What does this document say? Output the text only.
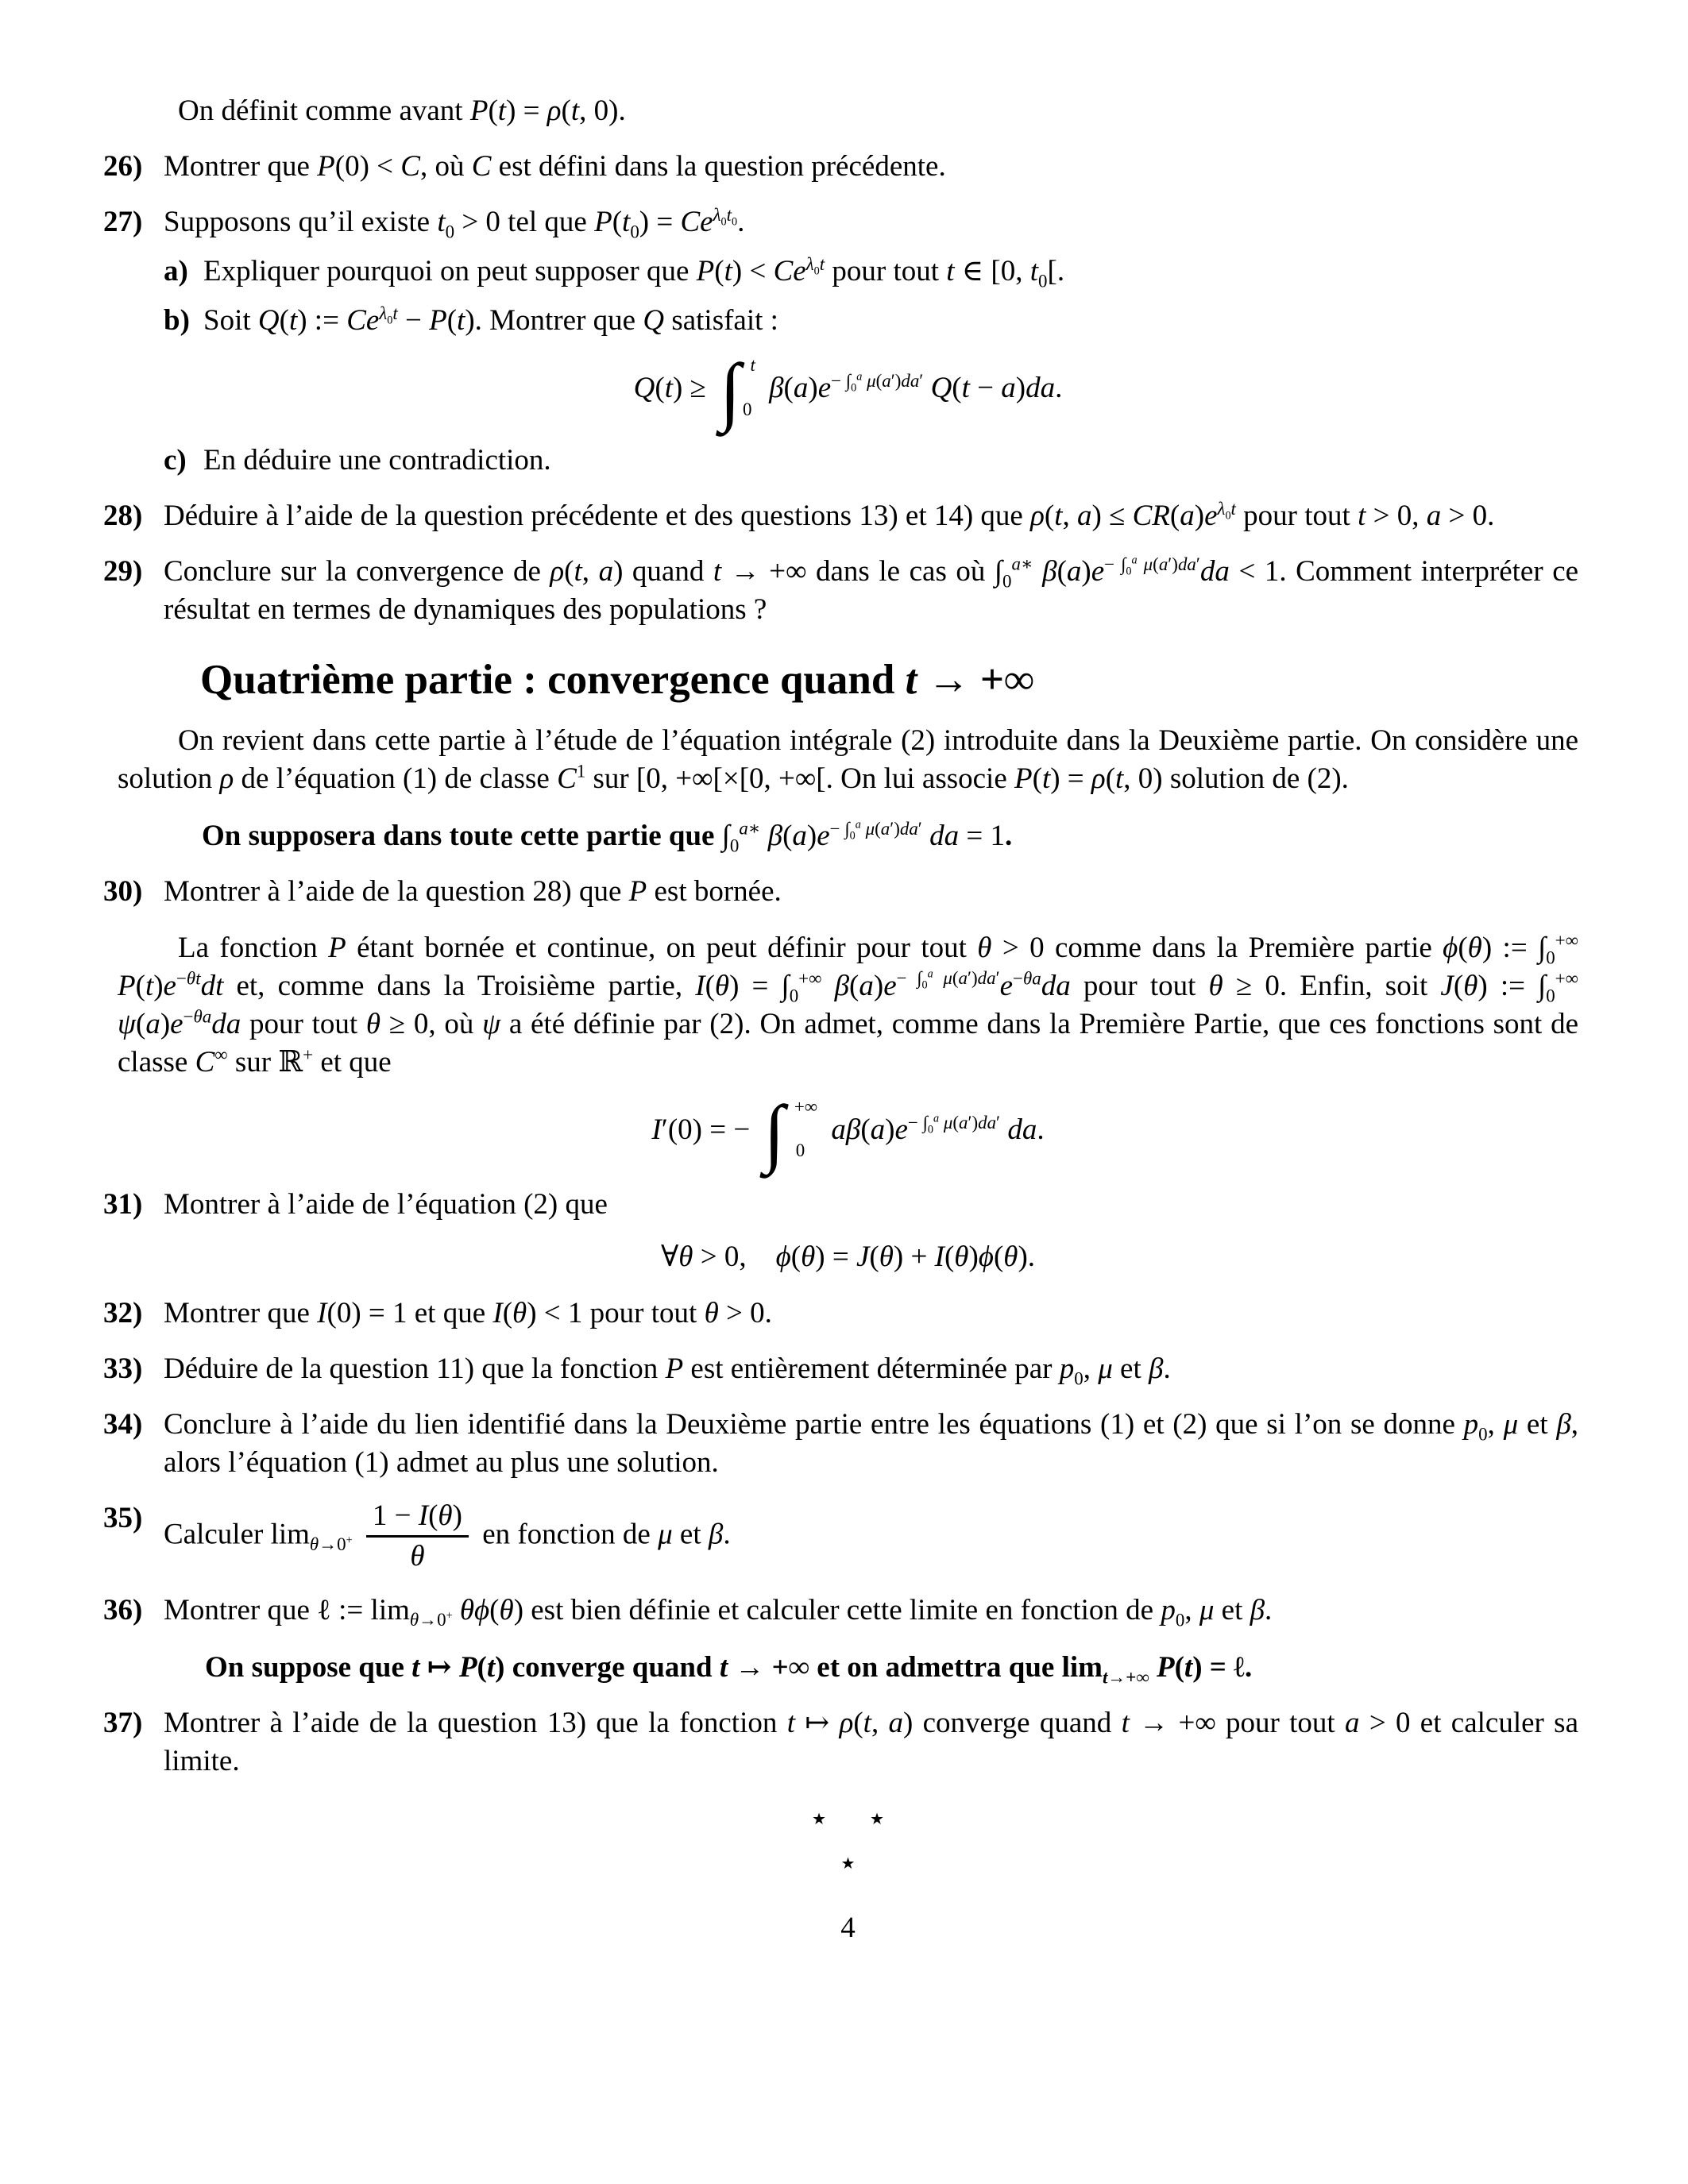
On définit comme avant P(t) = ρ(t, 0).

26) Montrer que P(0) < C, où C est défini dans la question précédente.
27) Supposons qu’il existe $t_0 > 0$ tel que $P(t_0) = Ce^{\lambda_0t_0}$.
a) Expliquer pourquoi on peut supposer que $P(t) < Ce^{\lambda_0t}$ pour tout t ∈ [0, $t_0$[.
b) Soit Q(t) := $Ce^{\lambda_0t} - P(t)$. Montrer que Q satisfait :
Q(t) ≥ ∫ t
0
$\beta(a)e^{- \int_0^a \mu(a')da'}$ Q(t − a)da.
c) En déduire une contradiction.
28) Déduire à l’aide de la question précédente et des questions 13) et 14) que ρ(t, $a) \le CR(a)e^{\lambda_0t}$ pour tout t > 0, a > 0.
29) Conclure sur la convergence de ρ(t, a) quand t → +∞ dans le cas où $\int_0^{a∗}$ $\beta(a)e^{- \int_0^a \mu(a')da'}da < 1$. Comment interpréter ce résultat en termes de dynamiques des populations ?
Quatrième partie : convergence quand t → +∞

On revient dans cette partie à l’étude de l’équation intégrale (2) introduite dans la Deuxième partie. On considère une solution ρ de l’équation (1) de classe $C^1$ sur [0, +∞[×[0, +∞[. On lui associe P(t) = ρ(t, 0) solution de (2).

On supposera dans toute cette partie que $\int_0^{a∗}$ $\beta(a)e^{- \int_0^a \mu(a')da'}$ da = 1.

30) Montrer à l’aide de la question 28) que P est bornée.

La fonction P étant bornée et continue, on peut définir pour tout θ > 0 comme dans la Première partie ϕ(θ) := $\int_0^{+\infty}$ $P(t)e^{-\theta t}dt$ et, comme dans la Troisième partie, $I(\theta) = \int_0^{+\infty}$ $\beta(a)e^{- \int_0^a \mu(a')da'}e^{-\theta a}da$ pour tout θ ≥ 0. Enfin, soit J(θ) := $\int_0^{+\infty}$ $\psi(a)e^{-\theta a}da$ pour tout θ ≥ 0, où ψ a été définie par (2). On admet, comme dans la Première Partie, que ces fonctions sont de classe C∞ sur ℝ+ et que

I′(0) = − ∫ +∞
0
$a\beta(a)e^{- \int_0^a \mu(a')da'}$ da.
31) Montrer à l’aide de l’équation (2) que
∀θ > 0, ϕ(θ) = J(θ) + I(θ)ϕ(θ).
32) Montrer que I(0) = 1 et que I(θ) < 1 pour tout θ > 0.
33) Déduire de la question 11) que la fonction P est entièrement déterminée par $p_0$, μ et β.
34) Conclure à l’aide du lien identifié dans la Deuxième partie entre les équations (1) et (2) que si l’on se donne $p_0$, μ et β, alors l’équation (1) admet au plus une solution.
35)
Calculer $\lim_{\theta\to 0^+} \frac{1 - I(\theta)}{\theta}$ en fonction de μ et β.
36) Montrer que ℓ := $\lim_{\theta\to 0^+} \theta\phi(\theta)$ est bien définie et calculer cette limite en fonction de $p_0$, μ et β.

On suppose que t ↦ P(t) converge quand t → +∞ et on admettra que $\lim_{t\to+\infty} P(t)$ = ℓ.

37) Montrer à l’aide de la question 13) que la fonction t ↦ ρ(t, a) converge quand t → +∞ pour tout a > 0 et calculer sa limite.
⋆ ⋆
⋆
4
